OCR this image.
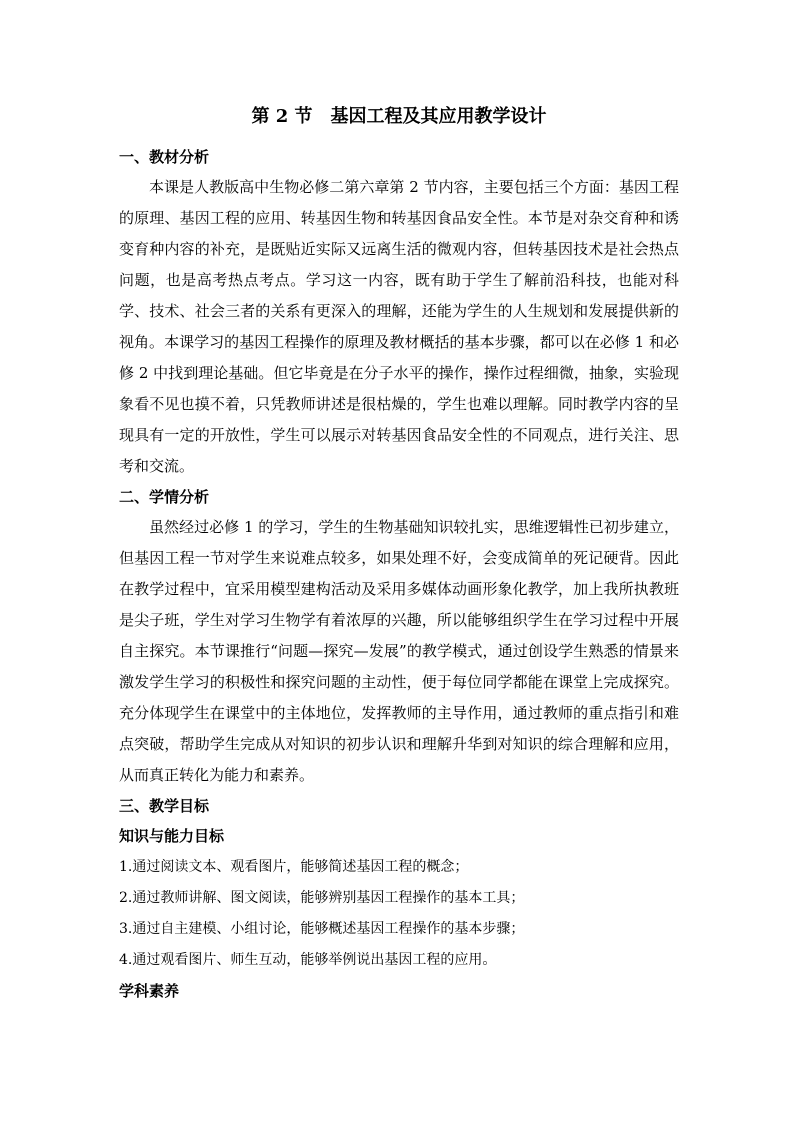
第 2 节　基因工程及其应用教学设计

一、教材分析

本课是人教版高中生物必修二第六章第 2 节内容，主要包括三个方面：基因工程的原理、基因工程的应用、转基因生物和转基因食品安全性。本节是对杂交育种和诱变育种内容的补充，是既贴近实际又远离生活的微观内容，但转基因技术是社会热点问题，也是高考热点考点。学习这一内容，既有助于学生了解前沿科技，也能对科学、技术、社会三者的关系有更深入的理解，还能为学生的人生规划和发展提供新的视角。本课学习的基因工程操作的原理及教材概括的基本步骤，都可以在必修 1 和必修 2 中找到理论基础。但它毕竟是在分子水平的操作，操作过程细微，抽象，实验现象看不见也摸不着，只凭教师讲述是很枯燥的，学生也难以理解。同时教学内容的呈现具有一定的开放性，学生可以展示对转基因食品安全性的不同观点，进行关注、思考和交流。

二、学情分析

虽然经过必修 1 的学习，学生的生物基础知识较扎实，思维逻辑性已初步建立，但基因工程一节对学生来说难点较多，如果处理不好，会变成简单的死记硬背。因此在教学过程中，宜采用模型建构活动及采用多媒体动画形象化教学，加上我所执教班是尖子班，学生对学习生物学有着浓厚的兴趣，所以能够组织学生在学习过程中开展自主探究。本节课推行“问题—探究—发展”的教学模式，通过创设学生熟悉的情景来激发学生学习的积极性和探究问题的主动性，便于每位同学都能在课堂上完成探究。充分体现学生在课堂中的主体地位，发挥教师的主导作用，通过教师的重点指引和难点突破，帮助学生完成从对知识的初步认识和理解升华到对知识的综合理解和应用，从而真正转化为能力和素养。

三、教学目标

知识与能力目标

1.通过阅读文本、观看图片，能够简述基因工程的概念；

2.通过教师讲解、图文阅读，能够辨别基因工程操作的基本工具；

3.通过自主建模、小组讨论，能够概述基因工程操作的基本步骤；

4.通过观看图片、师生互动，能够举例说出基因工程的应用。

学科素养
